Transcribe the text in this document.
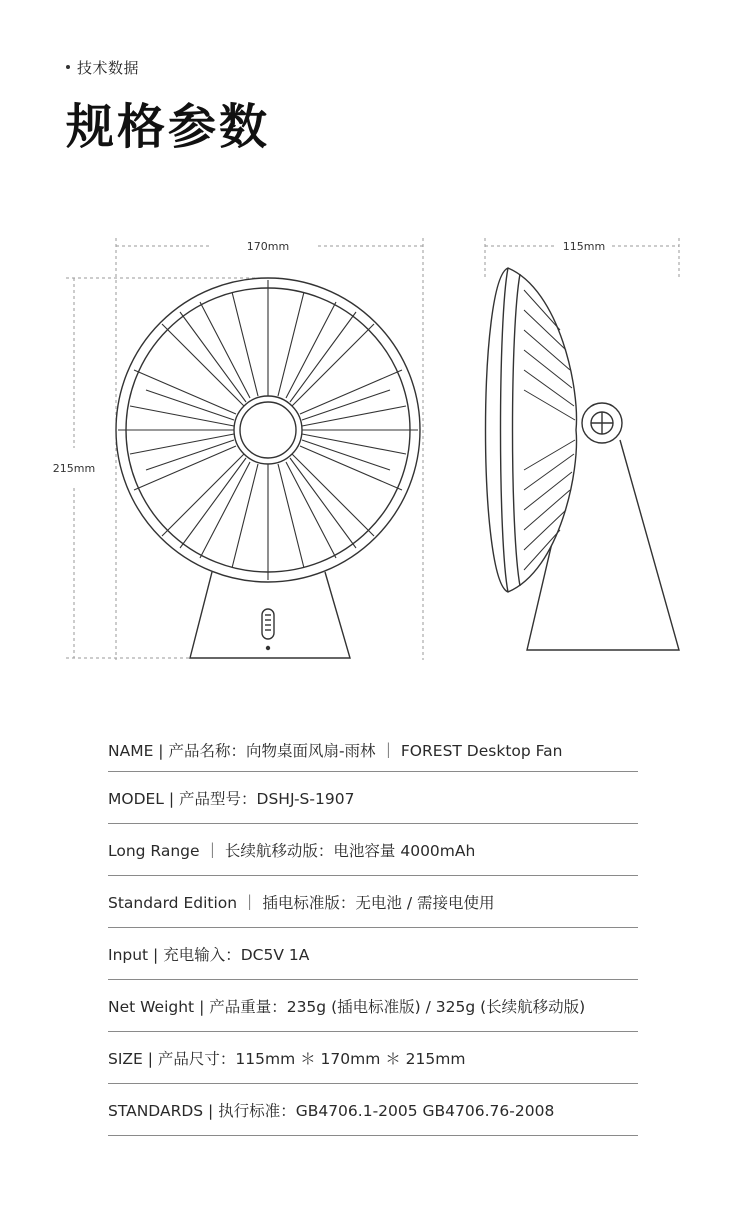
技术数据
规格参数
170mm	115mm
215mm
NAME | 产品名称：向物桌面风扇-雨林 ｜ FOREST Desktop Fan
MODEL | 产品型号：DSHJ-S-1907
Long Range ｜ 长续航移动版：电池容量 4000mAh
Standard Edition ｜ 插电标准版：无电池 / 需接电使用
Input | 充电输入：DC5V 1A
Net Weight | 产品重量：235g (插电标准版) / 325g (长续航移动版)
SIZE | 产品尺寸：115mm ＊ 170mm ＊ 215mm
STANDARDS | 执行标准：GB4706.1-2005 GB4706.76-2008
